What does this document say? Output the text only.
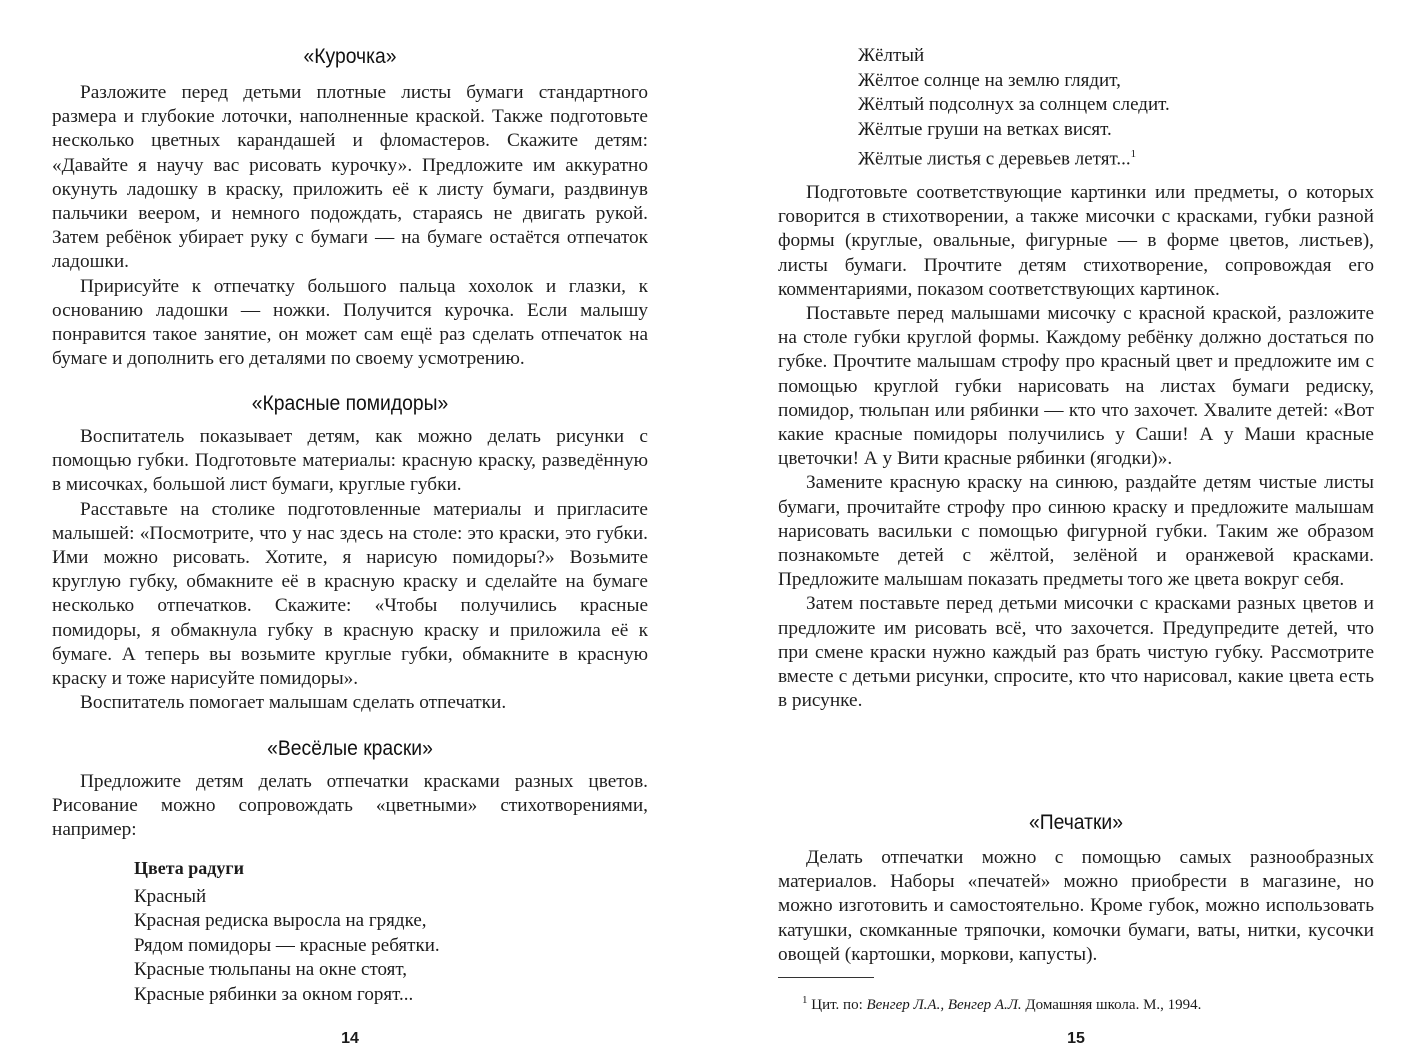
«Курочка»

Разложите перед детьми плотные листы бумаги стандартного размера и глубокие лоточки, наполненные краской. Также подготовьте несколько цветных карандашей и фломастеров. Скажите детям: «Давайте я научу вас рисовать курочку». Предложите им аккуратно окунуть ладошку в краску, приложить её к листу бумаги, раздвинув пальчики веером, и немного подождать, стараясь не двигать рукой. Затем ребёнок убирает руку с бумаги — на бумаге остаётся отпечаток ладошки.

Пририсуйте к отпечатку большого пальца хохолок и глазки, к основанию ладошки — ножки. Получится курочка. Если малышу понравится такое занятие, он может сам ещё раз сделать отпечаток на бумаге и дополнить его деталями по своему усмотрению.

«Красные помидоры»

Воспитатель показывает детям, как можно делать рисунки с помощью губки. Подготовьте материалы: красную краску, разведённую в мисочках, большой лист бумаги, круглые губки.

Расставьте на столике подготовленные материалы и пригласите малышей: «Посмотрите, что у нас здесь на столе: это краски, это губки. Ими можно рисовать. Хотите, я нарисую помидоры?» Возьмите круглую губку, обмакните её в красную краску и сделайте на бумаге несколько отпечатков. Скажите: «Чтобы получились красные помидоры, я обмакнула губку в красную краску и приложила её к бумаге. А теперь вы возьмите круглые губки, обмакните в красную краску и тоже нарисуйте помидоры».

Воспитатель помогает малышам сделать отпечатки.

«Весёлые краски»

Предложите детям делать отпечатки красками разных цветов. Рисование можно сопровождать «цветными» стихотворениями, например:

Цвета радуги
Красный
Красная редиска выросла на грядке,
Рядом помидоры — красные ребятки.
Красные тюльпаны на окне стоят,
Красные рябинки за окном горят...
14
Жёлтый
Жёлтое солнце на землю глядит,
Жёлтый подсолнух за солнцем следит.
Жёлтые груши на ветках висят.
Жёлтые листья с деревьев летят...$^1$

Подготовьте соответствующие картинки или предметы, о которых говорится в стихотворении, а также мисочки с красками, губки разной формы (круглые, овальные, фигурные — в форме цветов, листьев), листы бумаги. Прочтите детям стихотворение, сопровождая его комментариями, показом соответствующих картинок.

Поставьте перед малышами мисочку с красной краской, разложите на столе губки круглой формы. Каждому ребёнку должно достаться по губке. Прочтите малышам строфу про красный цвет и предложите им с помощью круглой губки нарисовать на листах бумаги редиску, помидор, тюльпан или рябинки — кто что захочет. Хвалите детей: «Вот какие красные помидоры получились у Саши! А у Маши красные цветочки! А у Вити красные рябинки (ягодки)».

Замените красную краску на синюю, раздайте детям чистые листы бумаги, прочитайте строфу про синюю краску и предложите малышам нарисовать васильки с помощью фигурной губки. Таким же образом познакомьте детей с жёлтой, зелёной и оранжевой красками. Предложите малышам показать предметы того же цвета вокруг себя.

Затем поставьте перед детьми мисочки с красками разных цветов и предложите им рисовать всё, что захочется. Предупредите детей, что при смене краски нужно каждый раз брать чистую губку. Рассмотрите вместе с детьми рисунки, спросите, кто что нарисовал, какие цвета есть в рисунке.

«Печатки»

Делать отпечатки можно с помощью самых разнообразных материалов. Наборы «печатей» можно приобрести в магазине, но можно изготовить и самостоятельно. Кроме губок, можно использовать катушки, скомканные тряпочки, комочки бумаги, ваты, нитки, кусочки овощей (картошки, моркови, капусты).

$^1$ Цит. по: Венгер Л.А., Венгер А.Л. Домашняя школа. М., 1994.
15
